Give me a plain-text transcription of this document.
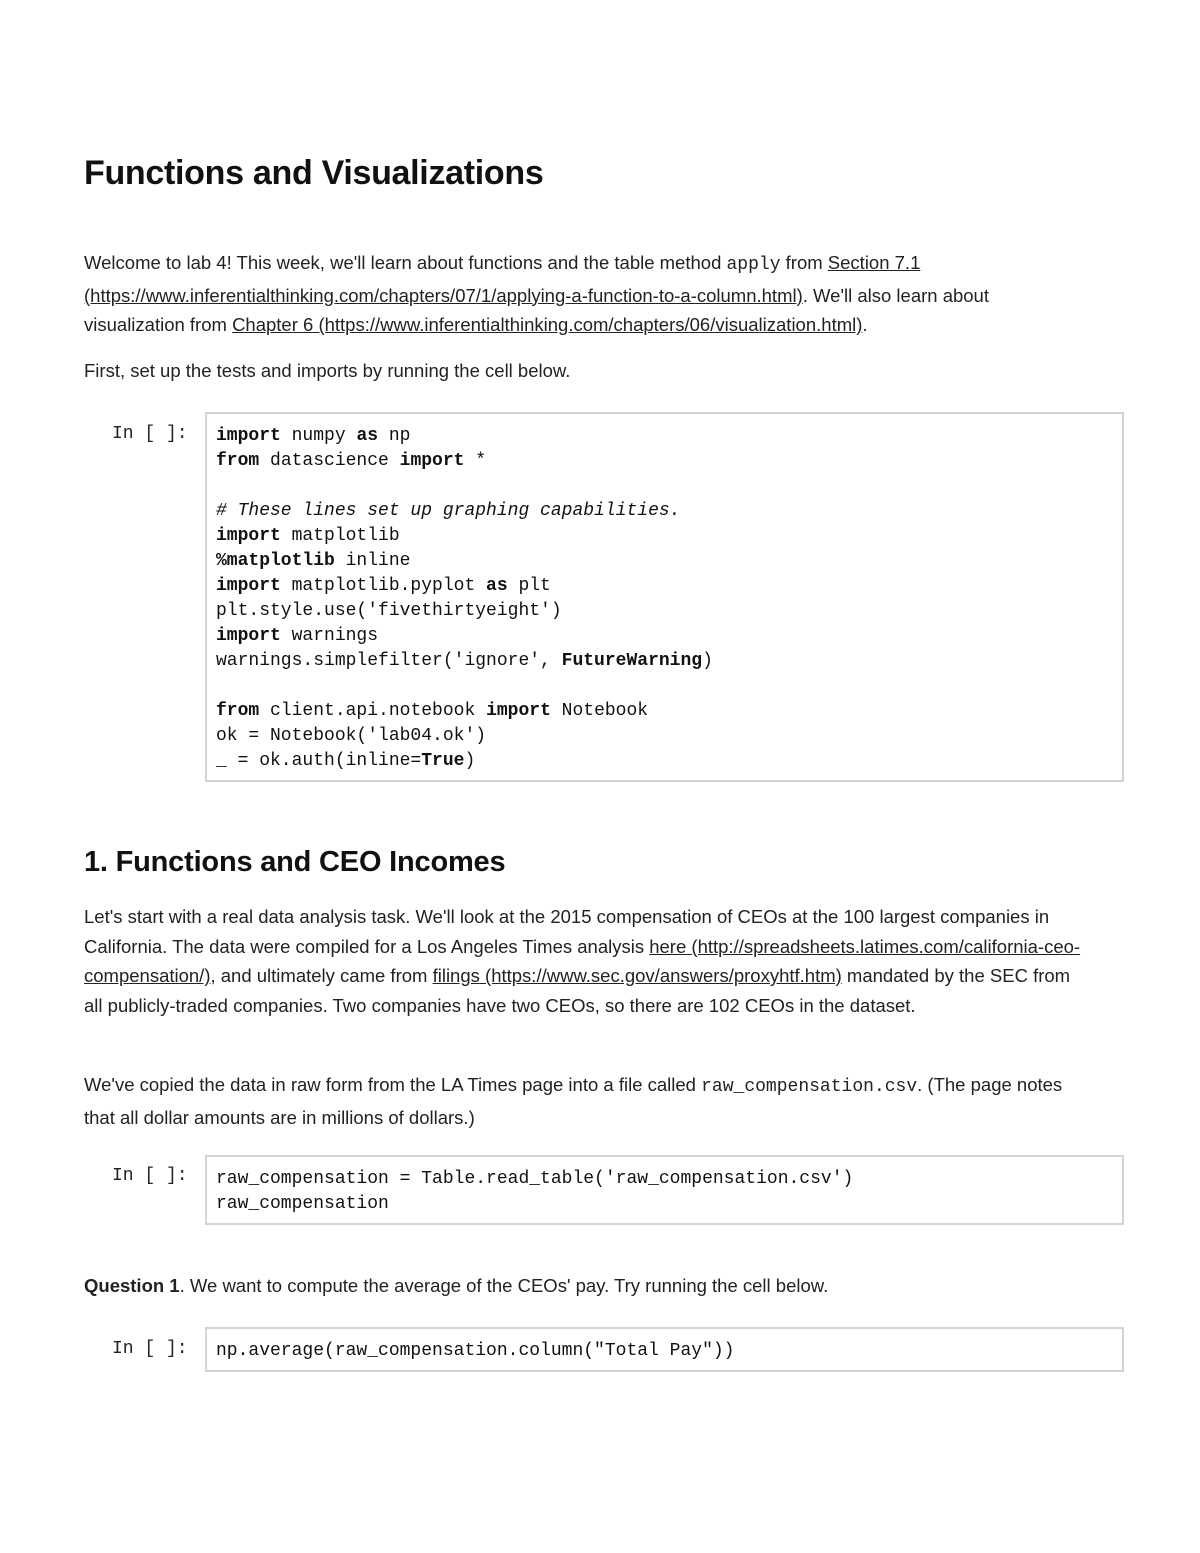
Functions and Visualizations

Welcome to lab 4! This week, we'll learn about functions and the table method apply from Section 7.1 (https://www.inferentialthinking.com/chapters/07/1/applying-a-function-to-a-column.html). We'll also learn about visualization from Chapter 6 (https://www.inferentialthinking.com/chapters/06/visualization.html).

First, set up the tests and imports by running the cell below.

In [ ]:	import numpy as np
from datascience import *

# These lines set up graphing capabilities.
import matplotlib
%matplotlib inline
import matplotlib.pyplot as plt
plt.style.use('fivethirtyeight')
import warnings
warnings.simplefilter('ignore', FutureWarning)

from client.api.notebook import Notebook
ok = Notebook('lab04.ok')
_ = ok.auth(inline=True)
1. Functions and CEO Incomes

Let's start with a real data analysis task. We'll look at the 2015 compensation of CEOs at the 100 largest companies in California. The data were compiled for a Los Angeles Times analysis here (http://spreadsheets.latimes.com/california-ceo-compensation/), and ultimately came from filings (https://www.sec.gov/answers/proxyhtf.htm) mandated by the SEC from all publicly-traded companies. Two companies have two CEOs, so there are 102 CEOs in the dataset.

We've copied the data in raw form from the LA Times page into a file called raw_compensation.csv. (The page notes that all dollar amounts are in millions of dollars.)

In [ ]:	raw_compensation = Table.read_table('raw_compensation.csv')
raw_compensation

Question 1. We want to compute the average of the CEOs' pay. Try running the cell below.

In [ ]:	np.average(raw_compensation.column("Total Pay"))
